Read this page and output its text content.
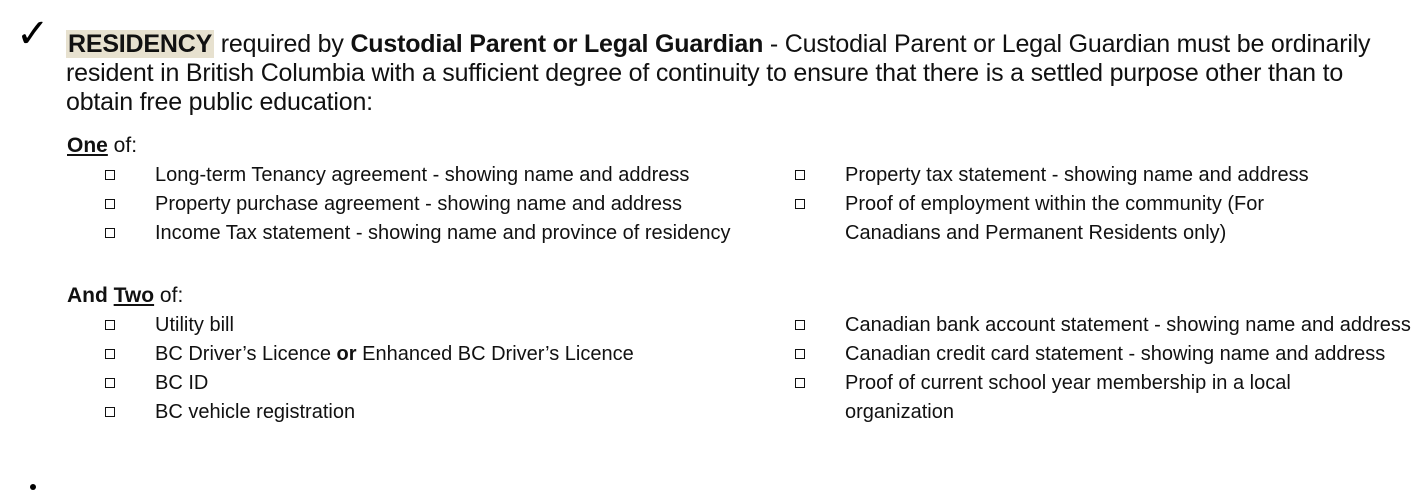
✓ RESIDENCY required by Custodial Parent or Legal Guardian - Custodial Parent or Legal Guardian must be ordinarily resident in British Columbia with a sufficient degree of continuity to ensure that there is a settled purpose other than to obtain free public education:
One of:
Long-term Tenancy agreement - showing name and address
Property purchase agreement - showing name and address
Income Tax statement - showing name and province of residency
Property tax statement - showing name and address
Proof of employment within the community (For Canadians and Permanent Residents only)
And Two of:
Utility bill
BC Driver’s Licence or Enhanced BC Driver’s Licence
BC ID
BC vehicle registration
Canadian bank account statement - showing name and address
Canadian credit card statement - showing name and address
Proof of current school year membership in a local organization
